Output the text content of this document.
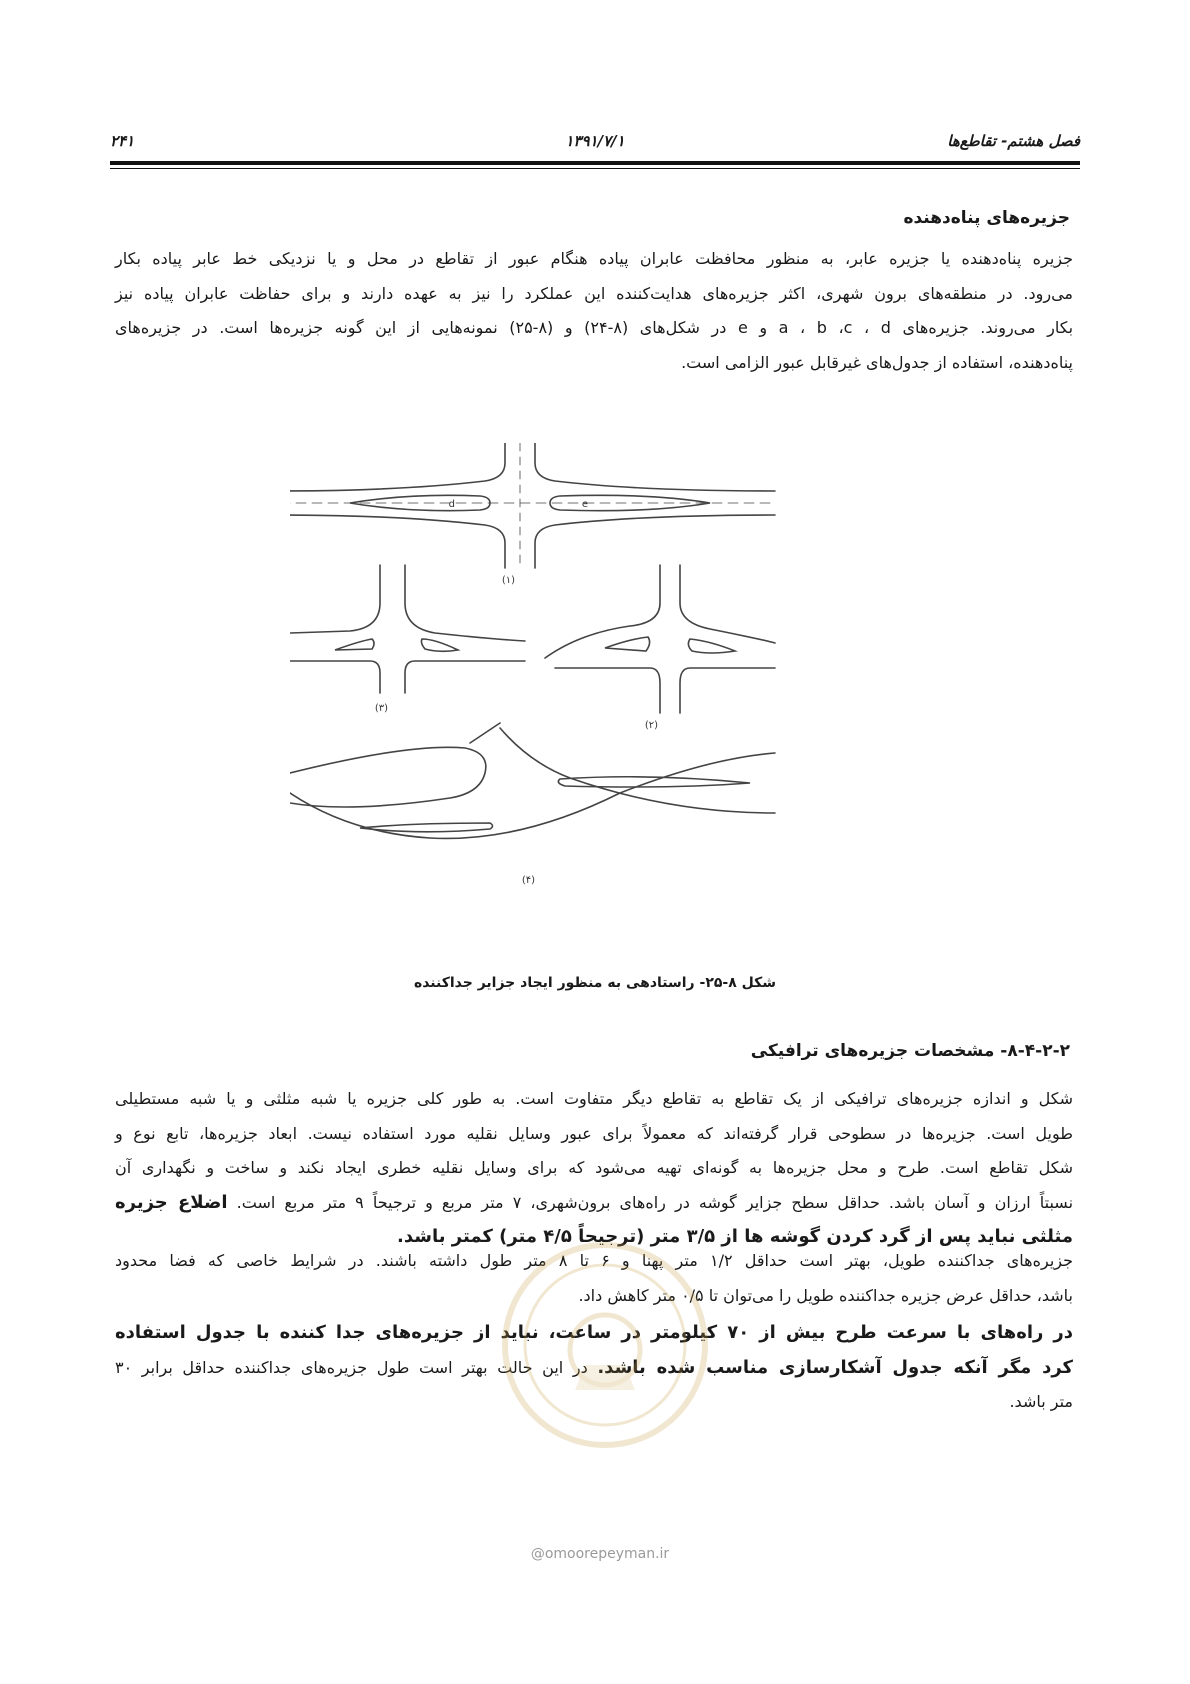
فصل هشتم- تقاطع‌ها
۱۳۹۱/۷/۱
۲۴۱
جزیره‌های پناه‌دهنده
جزیره پناه‌دهنده یا جزیره عابر، به منظور محافظت عابران پیاده هنگام عبور از تقاطع در محل و یا نزدیکی خط عابر پیاده بکار
می‌رود. در منطقه‌های برون شهری، اکثر جزیره‌های هدایت‌کننده این عملکرد را نیز به عهده دارند و برای حفاظت عابران پیاده نیز
بکار می‌روند. جزیره‌های a ، b ،c ، d و e در شکل‌های (۸-۲۴) و (۸-۲۵) نمونه‌هایی از این گونه جزیره‌ها است. در جزیره‌های
پناه‌دهنده، استفاده از جدول‌های غیرقابل عبور الزامی است.
d	e
(۱)
(۲)
(۳)
(۴)
شکل ۸-۲۵- راستادهی به منظور ایجاد جزایر جداکننده
۸-۴-۲-۲- مشخصات جزیره‌های ترافیکی
شکل و اندازه جزیره‌های ترافیکی از یک تقاطع به تقاطع دیگر متفاوت است. به طور کلی جزیره یا شبه مثلثی و یا شبه مستطیلی
طویل است. جزیره‌ها در سطوحی قرار گرفته‌اند که معمولاً برای عبور وسایل نقلیه مورد استفاده نیست. ابعاد جزیره‌ها، تابع نوع و
شکل تقاطع است. طرح و محل جزیره‌ها به گونه‌ای تهیه می‌شود که برای وسایل نقلیه خطری ایجاد نکند و ساخت و نگهداری آن
نسبتاً ارزان و آسان باشد. حداقل سطح جزایر گوشه در راه‌های برون‌شهری، ۷ متر مربع و ترجیحاً ۹ متر مربع است. اضلاع جزیره
مثلثی نباید پس از گرد کردن گوشه ها از ۳/۵ متر (ترجیحاً ۴/۵ متر) کمتر باشد.
جزیره‌های جداکننده طویل، بهتر است حداقل ۱/۲ متر پهنا و ۶ تا ۸ متر طول داشته باشند. در شرایط خاصی که فضا محدود
باشد، حداقل عرض جزیره جداکننده طویل را می‌توان تا ۰/۵ متر کاهش داد.
در راه‌های با سرعت طرح بیش از ۷۰ کیلومتر در ساعت، نباید از جزیره‌های جدا کننده با جدول استفاده
کرد مگر آنکه جدول آشکارسازی مناسب شده باشد. در این حالت بهتر است طول جزیره‌های جداکننده حداقل برابر ۳۰
متر باشد.
@omoorepeyman.ir
